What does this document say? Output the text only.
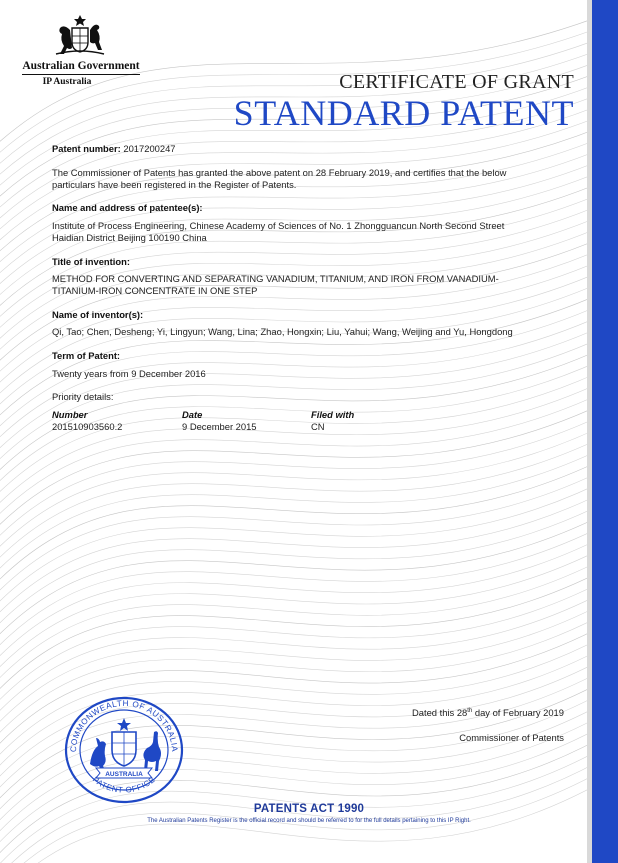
Australian Government
IP Australia	CERTIFICATE OF GRANT
STANDARD PATENT
Patent number: 2017200247
The Commissioner of Patents has granted the above patent on 28 February 2019, and certifies that the below
particulars have been registered in the Register of Patents.
Name and address of patentee(s):
Institute of Process Engineering, Chinese Academy of Sciences of No. 1 Zhongguancun North Second Street
Haidian District Beijing 100190 China
Title of invention:
METHOD FOR CONVERTING AND SEPARATING VANADIUM, TITANIUM, AND IRON FROM VANADIUM-
TITANIUM-IRON CONCENTRATE IN ONE STEP
Name of inventor(s):
Qi, Tao; Chen, Desheng; Yi, Lingyun; Wang, Lina; Zhao, Hongxin; Liu, Yahui; Wang, Weijing and Yu, Hongdong
Term of Patent:
Twenty years from 9 December 2016
Priority details:
Number	Date	Filed with
201510903560.2	9 December 2015	CN
Dated this 28th day of February 2019
Commissioner of Patents
COMMONWEALTH OF AUSTRALIA
AUSTRALIA
PATENT OFFICE
PATENTS ACT 1990
The Australian Patents Register is the official record and should be referred to for the full details pertaining to this IP Right.
